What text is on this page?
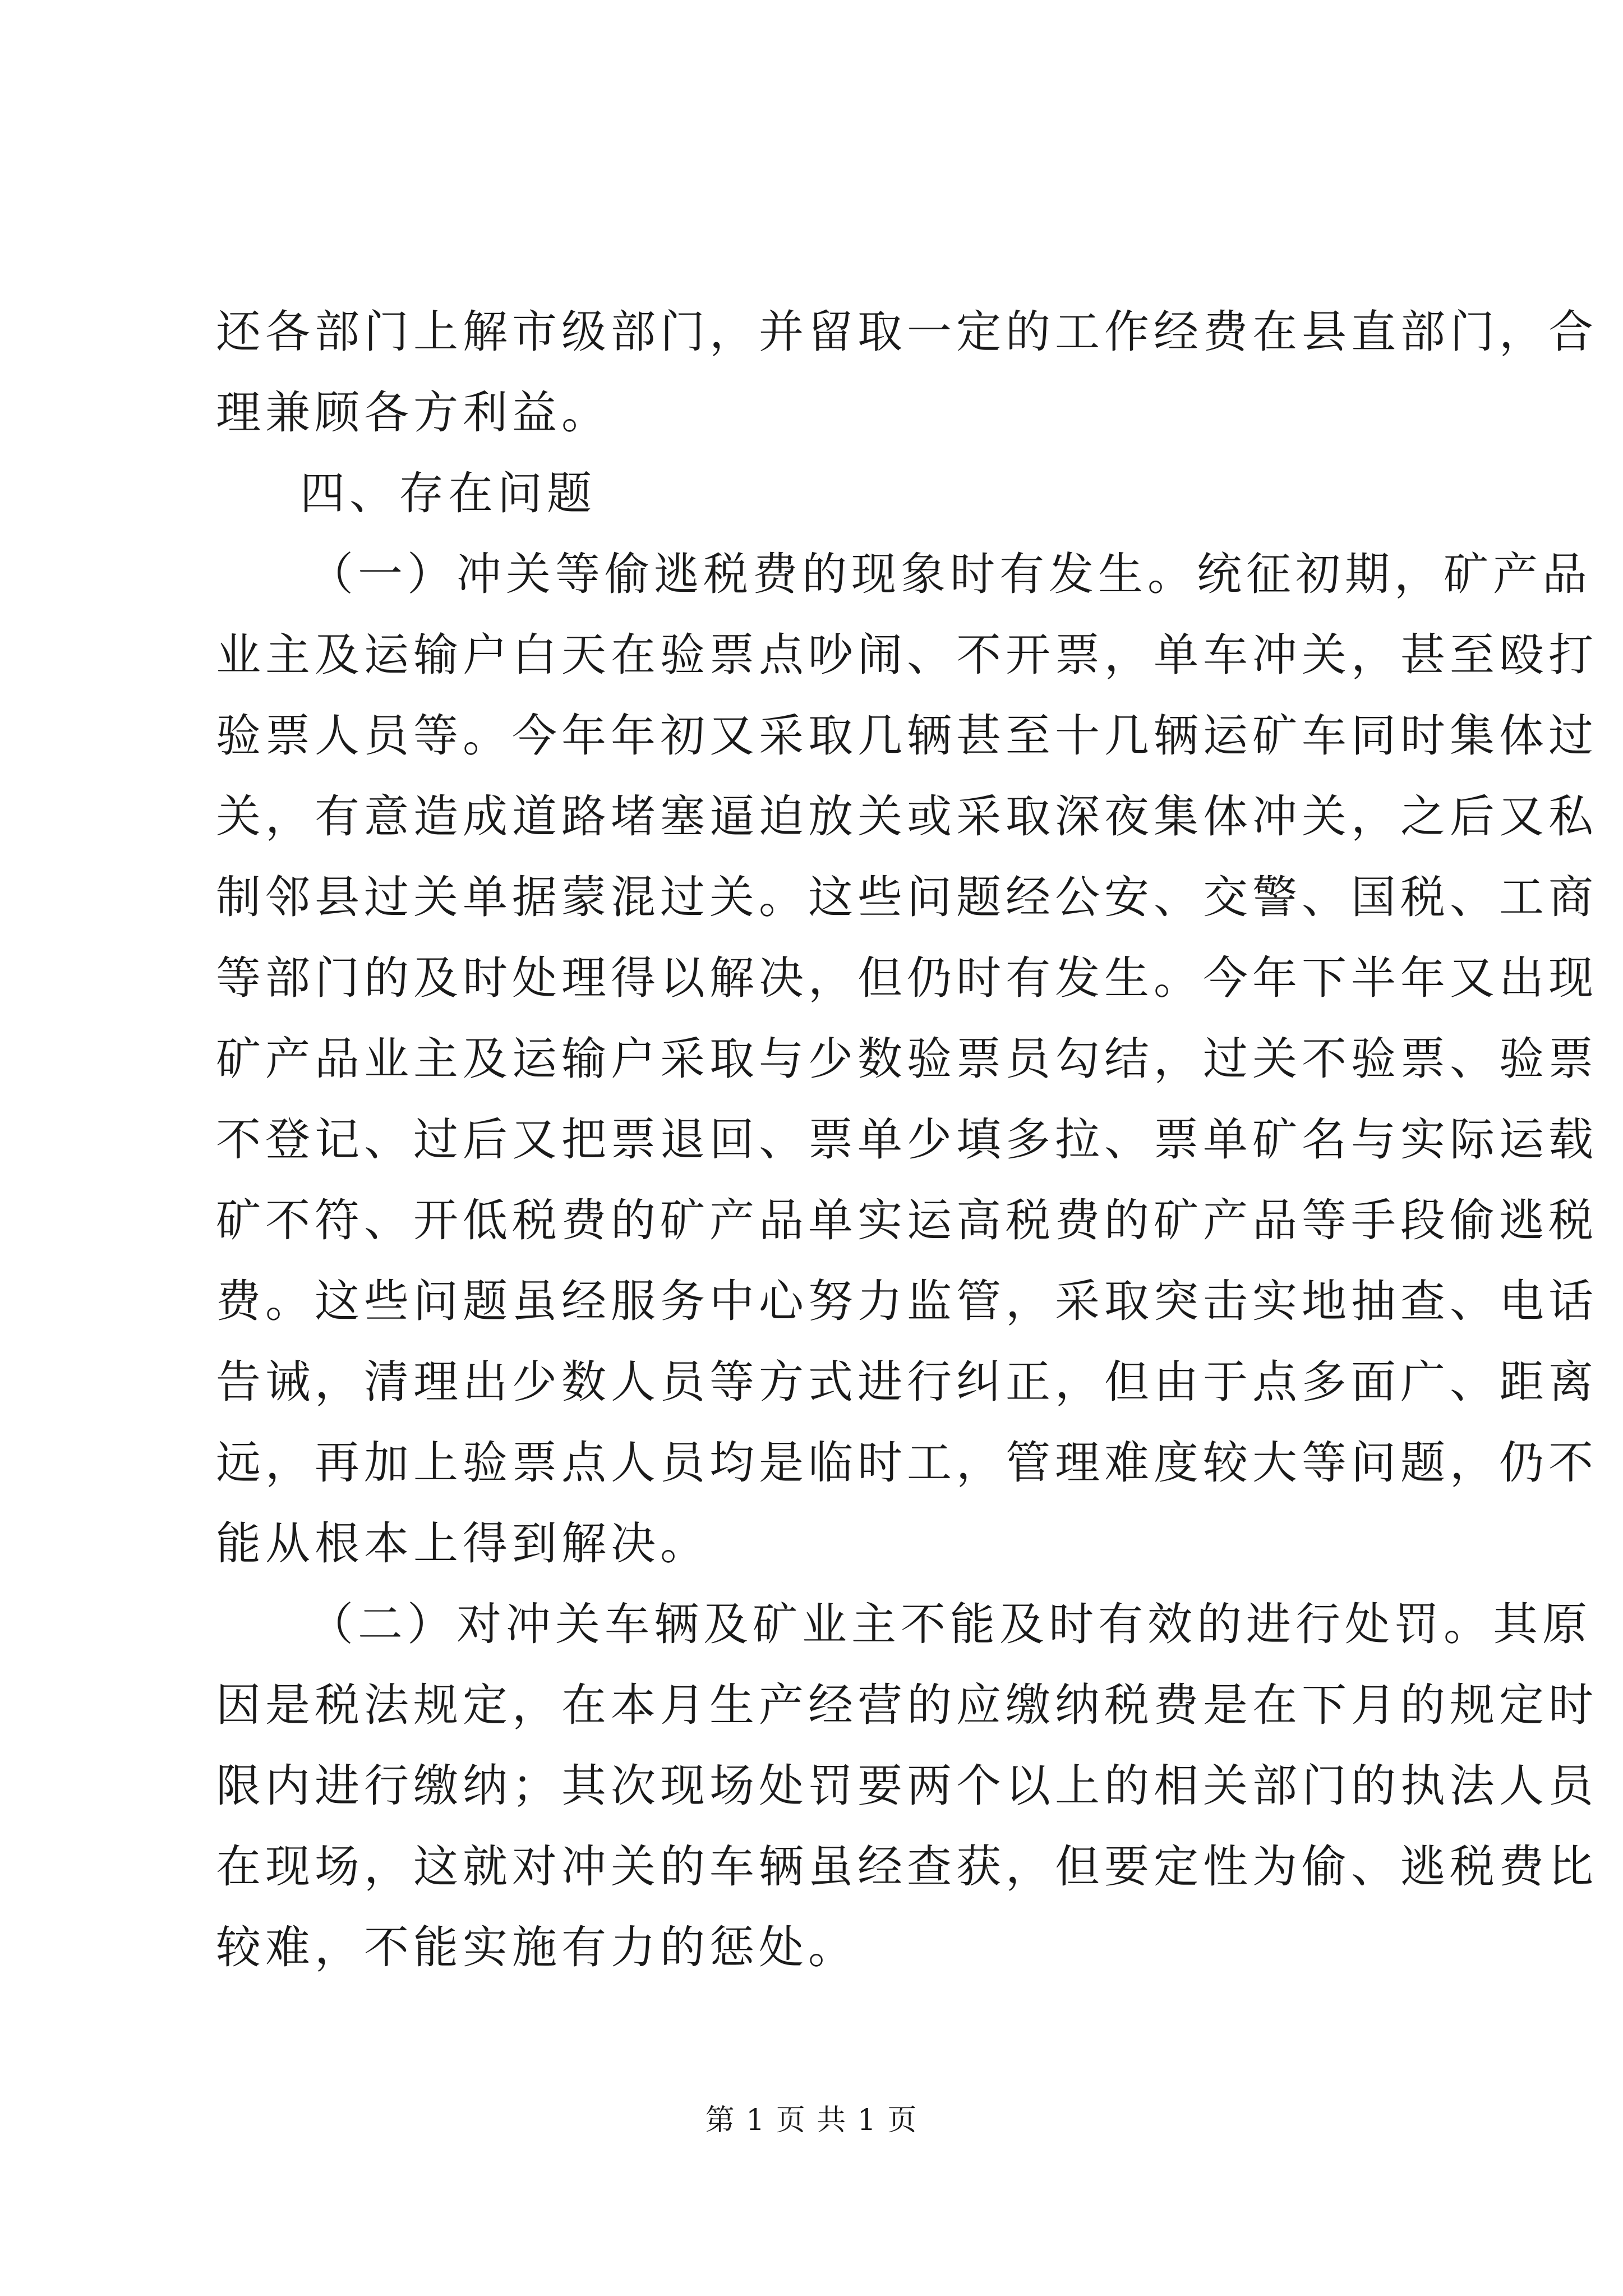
还各部门上解市级部门，并留取一定的工作经费在县直部门，合
理兼顾各方利益。
四、存在问题
（一）冲关等偷逃税费的现象时有发生。统征初期，矿产品
业主及运输户白天在验票点吵闹、不开票，单车冲关，甚至殴打
验票人员等。今年年初又采取几辆甚至十几辆运矿车同时集体过
关，有意造成道路堵塞逼迫放关或采取深夜集体冲关，之后又私
制邻县过关单据蒙混过关。这些问题经公安、交警、国税、工商
等部门的及时处理得以解决，但仍时有发生。今年下半年又出现
矿产品业主及运输户采取与少数验票员勾结，过关不验票、验票
不登记、过后又把票退回、票单少填多拉、票单矿名与实际运载
矿不符、开低税费的矿产品单实运高税费的矿产品等手段偷逃税
费。这些问题虽经服务中心努力监管，采取突击实地抽查、电话
告诫，清理出少数人员等方式进行纠正，但由于点多面广、距离
远，再加上验票点人员均是临时工，管理难度较大等问题，仍不
能从根本上得到解决。
（二）对冲关车辆及矿业主不能及时有效的进行处罚。其原
因是税法规定，在本月生产经营的应缴纳税费是在下月的规定时
限内进行缴纳；其次现场处罚要两个以上的相关部门的执法人员
在现场，这就对冲关的车辆虽经查获，但要定性为偷、逃税费比
较难，不能实施有力的惩处。
第 1 页 共 1 页
